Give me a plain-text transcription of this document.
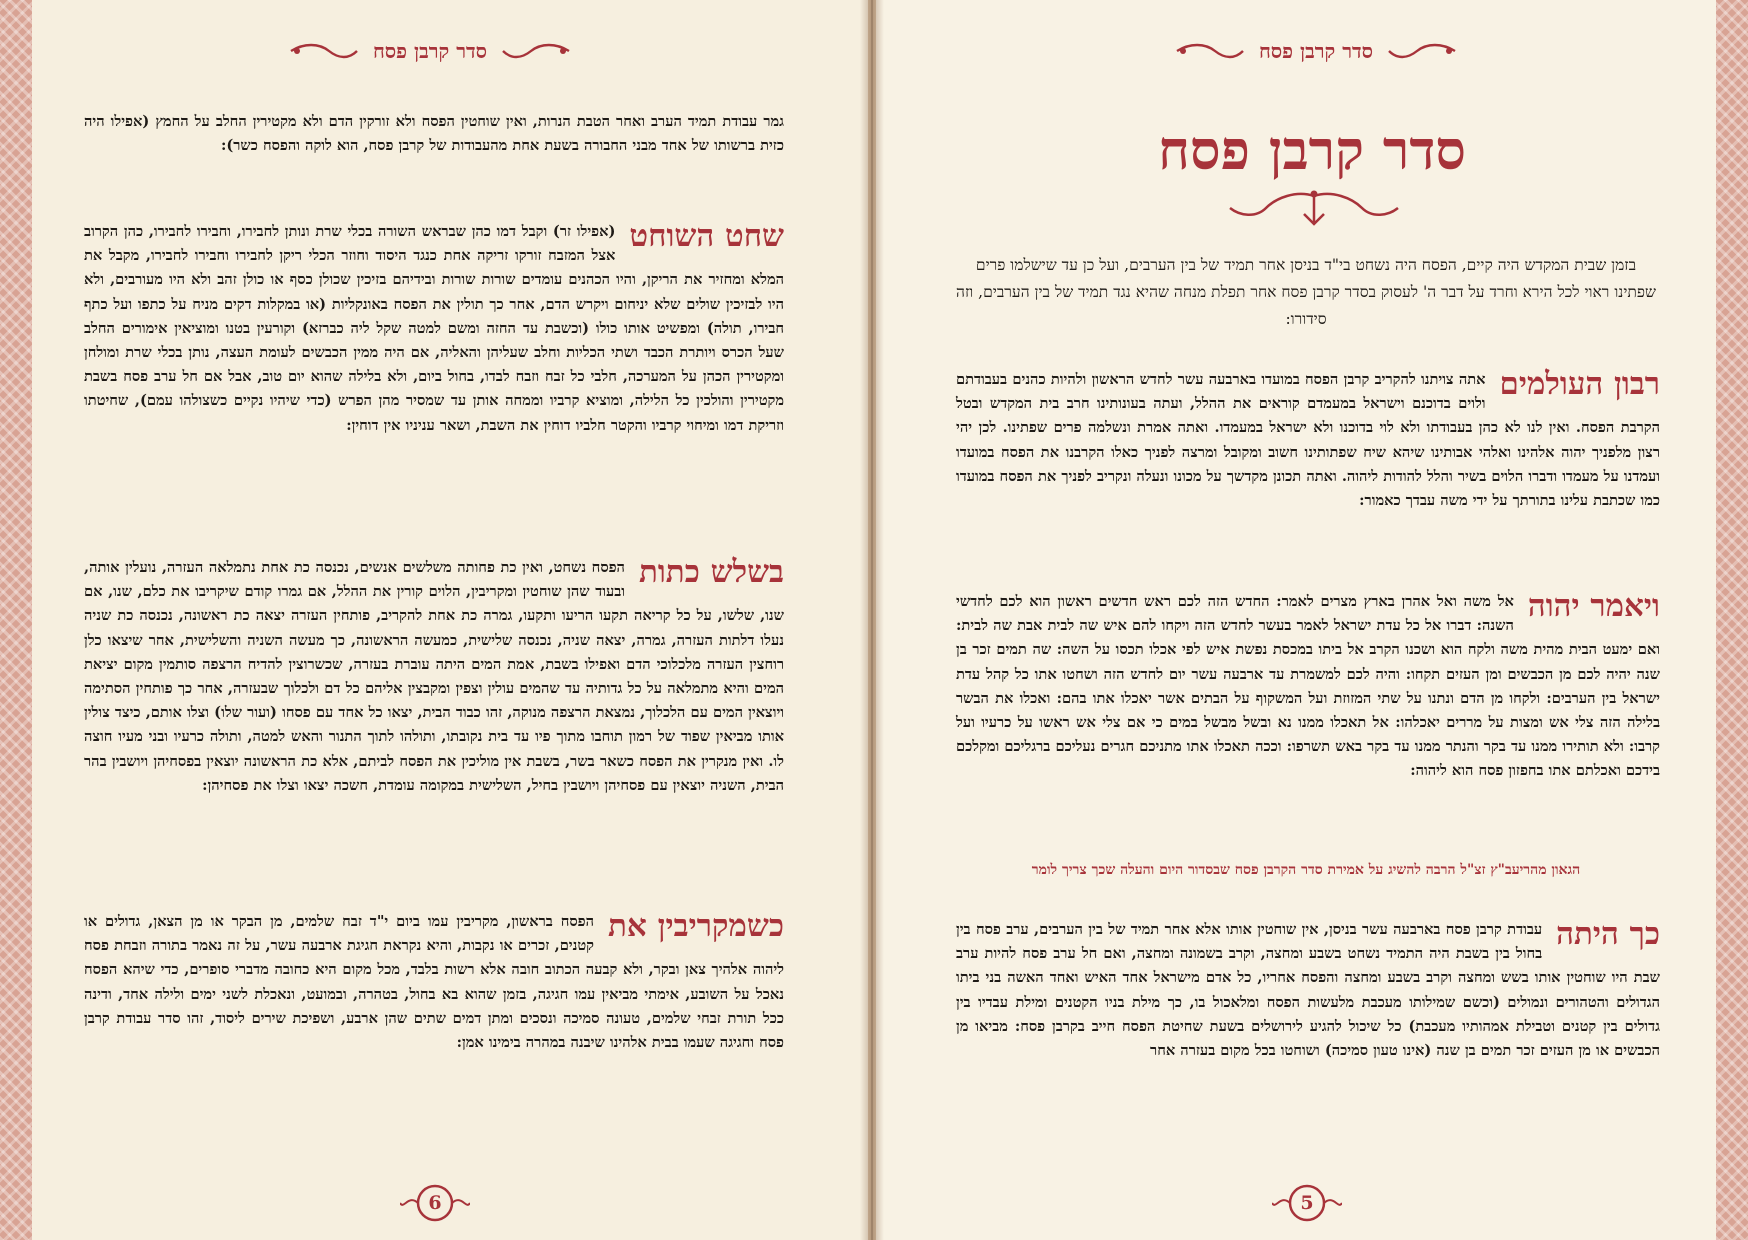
סדר קרבן פסח
גמר עבודת תמיד הערב ואחר הטבת הנרות, ואין שוחטין הפסח ולא זורקין הדם ולא מקטירין החלב על החמץ (אפילו היה כזית ברשותו של אחד מבני החבורה בשעת אחת מהעבודות של קרבן פסח, הוא לוקה והפסח כשר):
שחט השוחט
(אפילו זר) וקבל דמו כהן שבראש השורה בכלי שרת ונותן לחבירו, וחבירו לחבירו, כהן הקרוב אצל המזבח זורקו זריקה אחת כנגד היסוד וחוזר הכלי ריקן לחבירו וחבירו לחבירו, מקבל את המלא ומחזיר את הריקן, והיו הכהנים עומדים שורות שורות ובידיהם בזיכין שכולן כסף או כולן זהב ולא היו מעורבים, ולא היו לבזיכין שולים שלא יניחום ויקרש הדם, אחר כך תולין את הפסח באונקליות (או במקלות דקים מניח על כתפו ועל כתף חבירו, תולה) ומפשיט אותו כולו (וכשבת עד החזה ומשם למטה שקל ליה כברזא) וקורעין בטנו ומוציאין אימורים החלב שעל הכרס ויותרת הכבד ושתי הכליות וחלב שעליהן והאליה, אם היה ממין הכבשים לעומת העצה, נותן בכלי שרת ומולחן ומקטירין הכהן על המערכה, חלבי כל זבח וזבח לבדו, בחול ביום, ולא בלילה שהוא יום טוב, אבל אם חל ערב פסח בשבת מקטירין והולכין כל הלילה, ומוציא קרביו וממחה אותן עד שמסיר מהן הפרש (כדי שיהיו נקיים כשצולהו עמם), שחיטתו וזריקת דמו ומיחוי קרביו והקטר חלביו דוחין את השבת, ושאר עניניו אין דוחין:
בשלש כתות
הפסח נשחט, ואין כת פחותה משלשים אנשים, נכנסה כת אחת נתמלאה העזרה, נועלין אותה, ובעוד שהן שוחטין ומקריבין, הלוים קורין את ההלל, אם גמרו קודם שיקריבו את כלם, שנו, אם שנו, שלשו, על כל קריאה תקעו הריעו ותקעו, גמרה כת אחת להקריב, פותחין העזרה יצאה כת ראשונה, נכנסה כת שניה נעלו דלתות העזרה, גמרה, יצאה שניה, נכנסה שלישית, כמעשה הראשונה, כך מעשה השניה והשלישית, אחר שיצאו כלן רוחצין העזרה מלכלוכי הדם ואפילו בשבת, אמת המים היתה עוברת בעזרה, שכשרוצין להדיח הרצפה סותמין מקום יציאת המים והיא מתמלאה על כל גדותיה עד שהמים עולין וצפין ומקבצין אליהם כל דם ולכלוך שבעזרה, אחר כך פותחין הסתימה ויוצאין המים עם הלכלוך, נמצאת הרצפה מנוקה, זהו כבוד הבית, יצאו כל אחד עם פסחו (ועור שלו) וצלו אותם, כיצד צולין אותו מביאין שפוד של רמון תוחבו מתוך פיו עד בית נקובתו, ותולהו לתוך התנור והאש למטה, ותולה כרעיו ובני מעיו חוצה לו. ואין מנקרין את הפסח כשאר בשר, בשבת אין מוליכין את הפסח לביתם, אלא כת הראשונה יוצאין בפסחיהן ויושבין בהר הבית, השניה יוצאין עם פסחיהן ויושבין בחיל, השלישית במקומה עומדת, חשכה יצאו וצלו את פסחיהן:
כשמקריבין את
הפסח בראשון, מקריבין עמו ביום י"ד זבח שלמים, מן הבקר או מן הצאן, גדולים או קטנים, זכרים או נקבות, והיא נקראת חגיגת ארבעה עשר, על זה נאמר בתורה וזבחת פסח ליהוה אלהיך צאן ובקר, ולא קבעה הכתוב חובה אלא רשות בלבד, מכל מקום היא כחובה מדברי סופרים, כדי שיהא הפסח נאכל על השובע, אימתי מביאין עמו חגיגה, בזמן שהוא בא בחול, בטהרה, ובמועט, ונאכלת לשני ימים ולילה אחד, ודינה ככל תורת זבחי שלמים, טעונה סמיכה ונסכים ומתן דמים שתים שהן ארבע, ושפיכת שירים ליסוד, זהו סדר עבודת קרבן פסח וחגיגה שעמו בבית אלהינו שיבנה במהרה בימינו אמן:
6
סדר קרבן פסח
סדר קרבן פסח
בזמן שבית המקדש היה קיים, הפסח היה נשחט בי"ד בניסן אחר תמיד של בין הערבים, ועל כן עד שישלמו פרים שפתינו ראוי לכל הירא וחרד על דבר ה' לעסוק בסדר קרבן פסח אחר תפלת מנחה שהיא נגד תמיד של בין הערבים, וזה סידורו:
רבון העולמים
אתה צויתנו להקריב קרבן הפסח במועדו בארבעה עשר לחדש הראשון ולהיות כהנים בעבודתם ולוים בדוכנם וישראל במעמדם קוראים את ההלל, ועתה בעונותינו חרב בית המקדש ובטל הקרבת הפסח. ואין לנו לא כהן בעבודתו ולא לוי בדוכנו ולא ישראל במעמדו. ואתה אמרת ונשלמה פרים שפתינו. לכן יהי רצון מלפניך יהוה אלהינו ואלהי אבותינו שיהא שיח שפתותינו חשוב ומקובל ומרצה לפניך כאלו הקרבנו את הפסח במועדו ועמדנו על מעמדו ודברו הלוים בשיר והלל להודות ליהוה. ואתה תכונן מקדשך על מכונו ונעלה ונקריב לפניך את הפסח במועדו כמו שכתבת עלינו בתורתך על ידי משה עבדך כאמור:
ויאמר יהוה
אל משה ואל אהרן בארץ מצרים לאמר: החדש הזה לכם ראש חדשים ראשון הוא לכם לחדשי השנה: דברו אל כל עדת ישראל לאמר בעשר לחדש הזה ויקחו להם איש שה לבית אבת שה לבית: ואם ימעט הבית מהית משה ולקח הוא ושכנו הקרב אל ביתו במכסת נפשת איש לפי אכלו תכסו על השה: שה תמים זכר בן שנה יהיה לכם מן הכבשים ומן העזים תקחו: והיה לכם למשמרת עד ארבעה עשר יום לחדש הזה ושחטו אתו כל קהל עדת ישראל בין הערבים: ולקחו מן הדם ונתנו על שתי המזוזת ועל המשקוף על הבתים אשר יאכלו אתו בהם: ואכלו את הבשר בלילה הזה צלי אש ומצות על מררים יאכלהו: אל תאכלו ממנו נא ובשל מבשל במים כי אם צלי אש ראשו על כרעיו ועל קרבו: ולא תותירו ממנו עד בקר והנתר ממנו עד בקר באש תשרפו: וככה תאכלו אתו מתניכם חגרים נעליכם ברגליכם ומקלכם בידכם ואכלתם אתו בחפזון פסח הוא ליהוה:
הגאון מהריעב"ץ זצ"ל הרבה להשיג על אמירת סדר הקרבן פסח שבסדור היום והעלה שכך צריך לומר
כך היתה
עבודת קרבן פסח בארבעה עשר בניסן, אין שוחטין אותו אלא אחר תמיד של בין הערבים, ערב פסח בין בחול בין בשבת היה התמיד נשחט בשבע ומחצה, וקרב בשמונה ומחצה, ואם חל ערב פסח להיות ערב שבת היו שוחטין אותו בשש ומחצה וקרב בשבע ומחצה והפסח אחריו, כל אדם מישראל אחד האיש ואחד האשה בני ביתו הגדולים והטהורים ונמולים (וכשם שמילותו מעכבת מלעשות הפסח ומלאכול בו, כך מילת בניו הקטנים ומילת עבדיו בין גדולים בין קטנים וטבילת אמהותיו מעכבת) כל שיכול להגיע לירושלים בשעת שחיטת הפסח חייב בקרבן פסח: מביאו מן הכבשים או מן העזים זכר תמים בן שנה (אינו טעון סמיכה) ושוחטו בכל מקום בעזרה אחר
5
